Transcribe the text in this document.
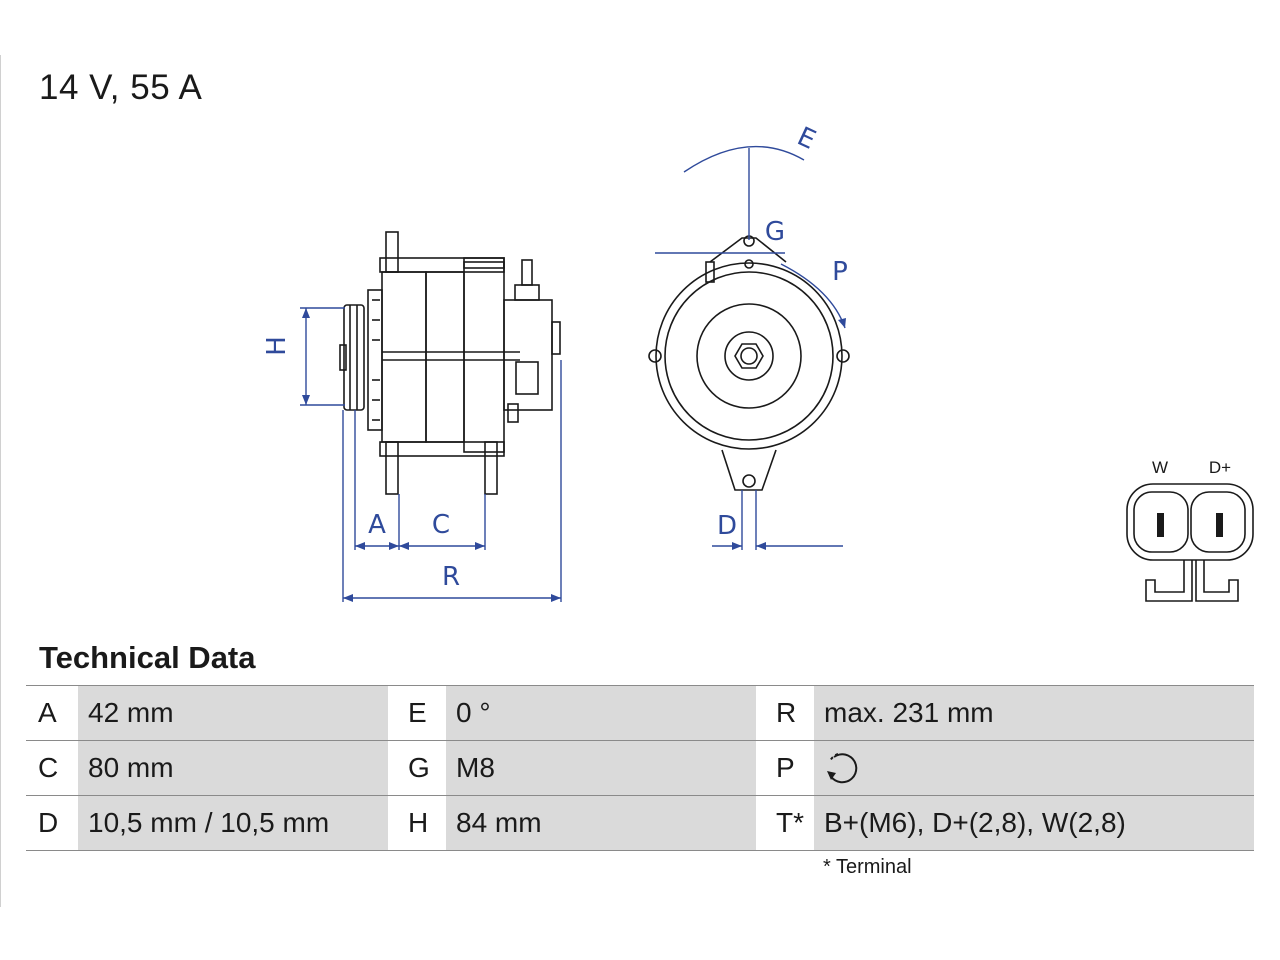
14 V, 55 A
H
A C
R
E
G
P
D
W D+
Technical Data
A	42 mm	E	0 °	R	max. 231 mm
C	80 mm	G	M8	P	
D	10,5 mm / 10,5 mm	H	84 mm	T*	B+(M6), D+(2,8), W(2,8)
* Terminal
